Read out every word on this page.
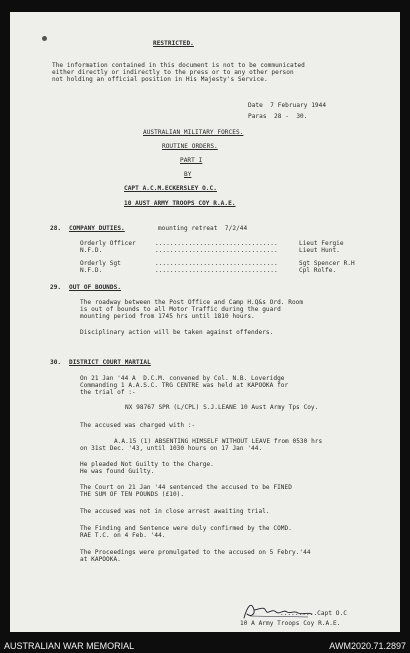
RESTRICTED.
The information contained in this document is not to be communicated
either directly or indirectly to the press or to any other person
not holding an official position in His Majesty's Service.
Date  7 February 1944
Paras  28 -  30.
AUSTRALIAN MILITARY FORCES.
ROUTINE ORDERS.
PART I
BY
CAPT A.C.M.ECKERSLEY O.C.
10 AUST ARMY TROOPS COY R.A.E.
28. COMPANY DUTIES.	mounting retreat  7/2/44
Orderly Officer	.................................	Lieut Fergie
N.F.D.	.................................	Lieut Hunt.
Orderly Sgt	.................................	Sgt Spencer R.H
N.F.D.	.................................	Cpl Rolfe.
29. OUT OF BOUNDS.
The roadway between the Post Office and Camp H.Q&s Ord. Room
is out of bounds to all Motor Traffic during the guard
mounting period from 1745 hrs until 1810 hours.
Disciplinary action will be taken against offenders.
30. DISTRICT COURT MARTIAL
On 21 Jan '44 A  D.C.M. convened by Col. N.B. Loveridge
Commanding 1 A.A.S.C. TRG CENTRE was held at KAPOOKA for
the trial of :-
NX 98767 SPR (L/CPL) S.J.LEANE 10 Aust Army Tps Coy.
The accused was charged with :-
A.A.15 (1) ABSENTING HIMSELF WITHOUT LEAVE from 0530 hrs
on 31st Dec. '43, until 1030 hours on 17 Jan '44.
He pleaded Not Guilty to the Charge.
He was found Guilty.
The Court on 21 Jan '44 sentenced the accused to be FINED
THE SUM OF TEN POUNDS (£10).
The accused was not in close arrest awaiting trial.
The Finding and Sentence were duly confirmed by the COMD.
RAE T.C. on 4 Feb. '44.
The Proceedings were promulgated to the accused on 5 Febry.'44
at KAPOOKA.
..........Capt O.C
10 A Army Troops Coy R.A.E.
AUSTRALIAN WAR MEMORIAL	AWM2020.71.2897
